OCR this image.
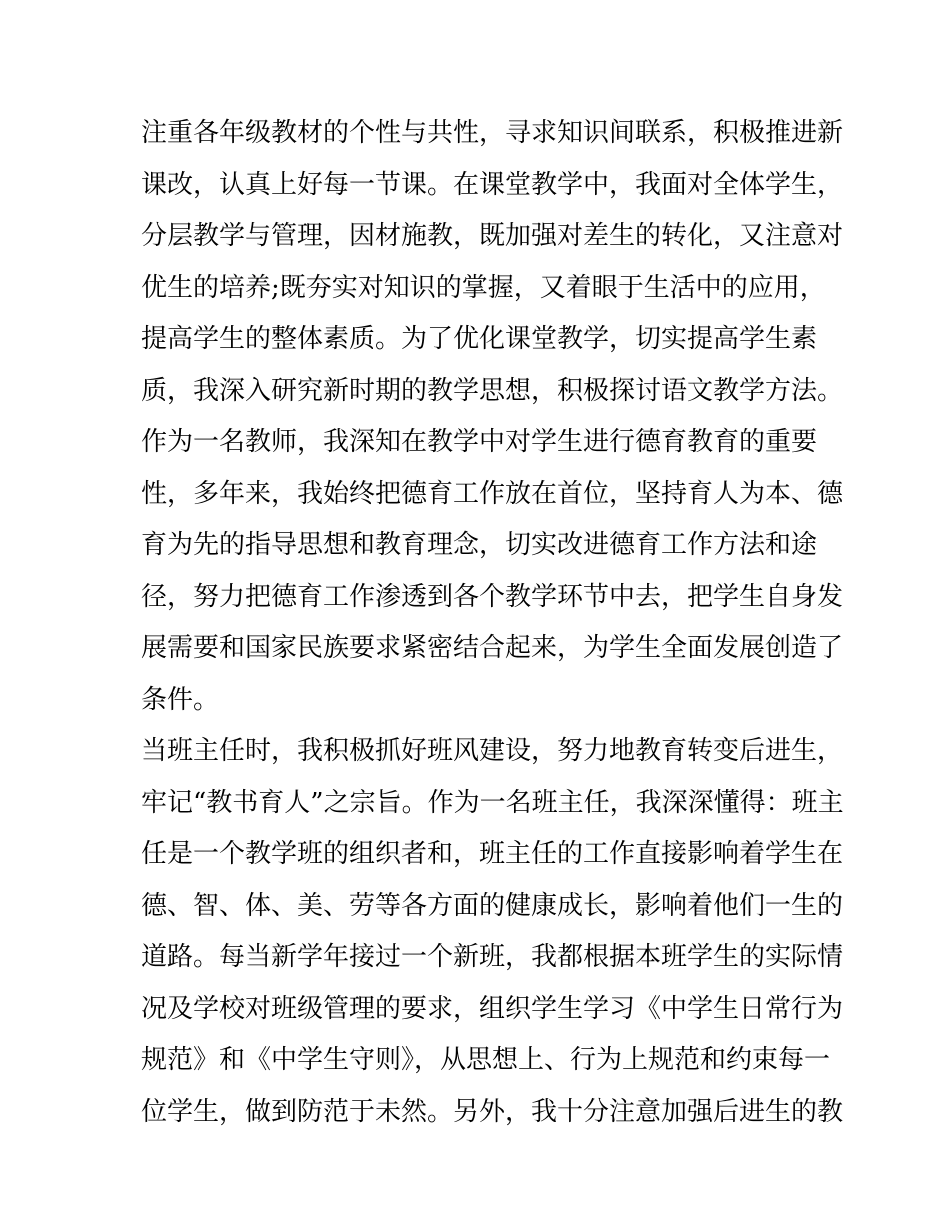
注重各年级教材的个性与共性，寻求知识间联系，积极推进新
课改，认真上好每一节课。在课堂教学中，我面对全体学生，
分层教学与管理，因材施教，既加强对差生的转化，又注意对
优生的培养;既夯实对知识的掌握，又着眼于生活中的应用，
提高学生的整体素质。为了优化课堂教学，切实提高学生素
质，我深入研究新时期的教学思想，积极探讨语文教学方法。
作为一名教师，我深知在教学中对学生进行德育教育的重要
性，多年来，我始终把德育工作放在首位，坚持育人为本、德
育为先的指导思想和教育理念，切实改进德育工作方法和途
径，努力把德育工作渗透到各个教学环节中去，把学生自身发
展需要和国家民族要求紧密结合起来，为学生全面发展创造了
条件。
当班主任时，我积极抓好班风建设，努力地教育转变后进生，
牢记“教书育人”之宗旨。作为一名班主任，我深深懂得：班主
任是一个教学班的组织者和，班主任的工作直接影响着学生在
德、智、体、美、劳等各方面的健康成长，影响着他们一生的
道路。每当新学年接过一个新班，我都根据本班学生的实际情
况及学校对班级管理的要求，组织学生学习《中学生日常行为
规范》和《中学生守则》，从思想上、行为上规范和约束每一
位学生，做到防范于未然。另外，我十分注意加强后进生的教
